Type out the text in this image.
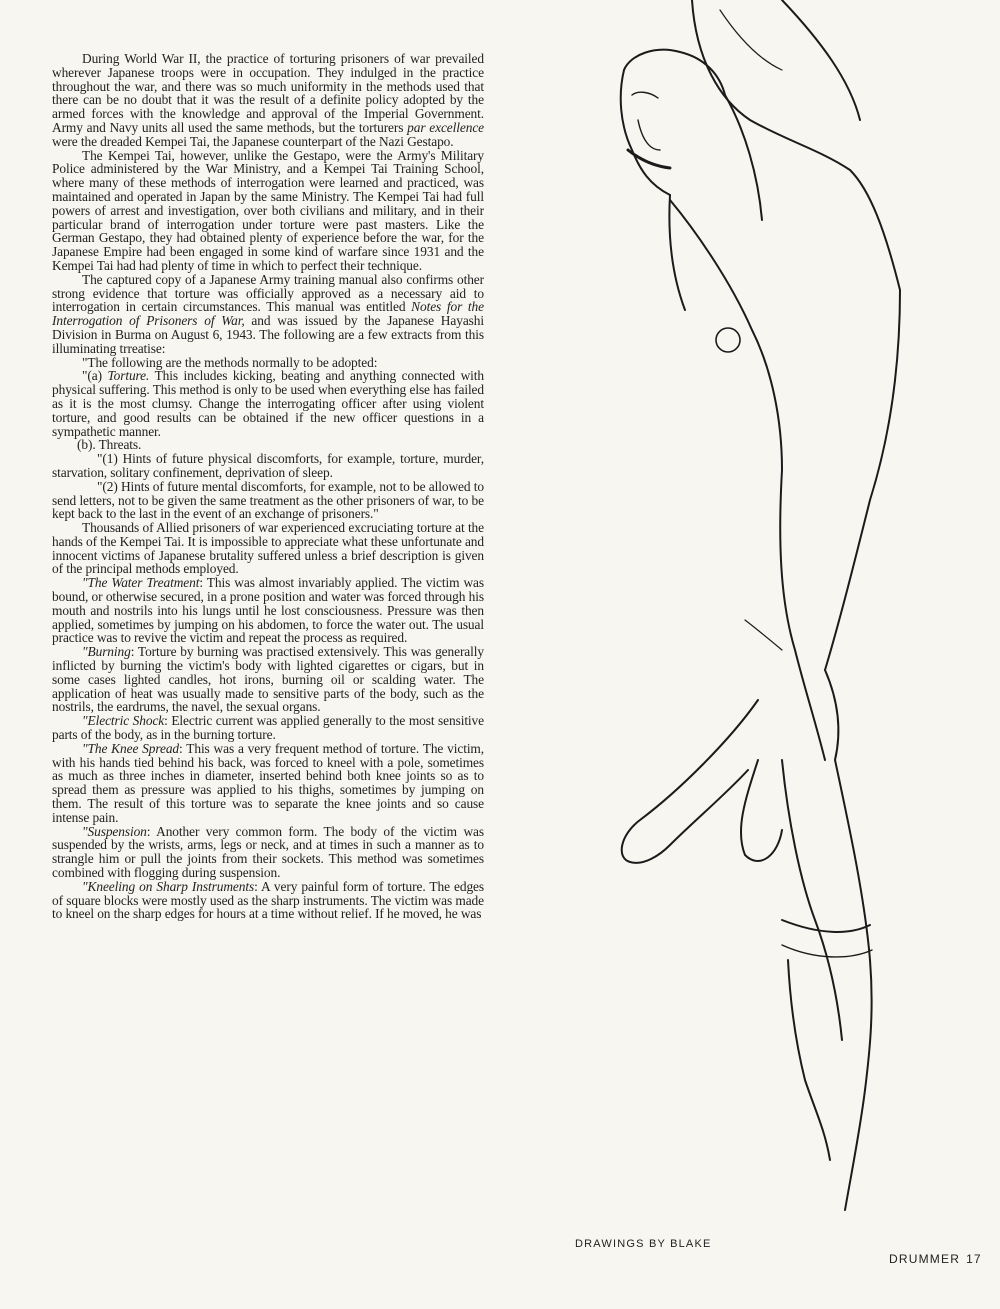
During World War II, the practice of torturing prisoners of war prevailed wherever Japanese troops were in occupation. They indulged in the practice throughout the war, and there was so much uniformity in the methods used that there can be no doubt that it was the result of a definite policy adopted by the armed forces with the knowledge and approval of the Imperial Government. Army and Navy units all used the same methods, but the torturers par excellence were the dreaded Kempei Tai, the Japanese counterpart of the Nazi Gestapo.

The Kempei Tai, however, unlike the Gestapo, were the Army's Military Police administered by the War Ministry, and a Kempei Tai Training School, where many of these methods of interrogation were learned and practiced, was maintained and operated in Japan by the same Ministry. The Kempei Tai had full powers of arrest and investigation, over both civilians and military, and in their particular brand of interrogation under torture were past masters. Like the German Gestapo, they had obtained plenty of experience before the war, for the Japanese Empire had been engaged in some kind of warfare since 1931 and the Kempei Tai had had plenty of time in which to perfect their technique.

The captured copy of a Japanese Army training manual also confirms other strong evidence that torture was officially approved as a necessary aid to interrogation in certain circumstances. This manual was entitled Notes for the Interrogation of Prisoners of War, and was issued by the Japanese Hayashi Division in Burma on August 6, 1943. The following are a few extracts from this illuminating trreatise:

"The following are the methods normally to be adopted:

"(a) Torture. This includes kicking, beating and anything connected with physical suffering. This method is only to be used when everything else has failed as it is the most clumsy. Change the interrogating officer after using violent torture, and good results can be obtained if the new officer questions in a sympathetic manner.

(b). Threats.

"(1) Hints of future physical discomforts, for example, torture, murder, starvation, solitary confinement, deprivation of sleep.

"(2) Hints of future mental discomforts, for example, not to be allowed to send letters, not to be given the same treatment as the other prisoners of war, to be kept back to the last in the event of an exchange of prisoners."

Thousands of Allied prisoners of war experienced excruciating torture at the hands of the Kempei Tai. It is impossible to appreciate what these unfortunate and innocent victims of Japanese brutality suffered unless a brief description is given of the principal methods employed.

"The Water Treatment: This was almost invariably applied. The victim was bound, or otherwise secured, in a prone position and water was forced through his mouth and nostrils into his lungs until he lost consciousness. Pressure was then applied, sometimes by jumping on his abdomen, to force the water out. The usual practice was to revive the victim and repeat the process as required.

"Burning: Torture by burning was practised extensively. This was generally inflicted by burning the victim's body with lighted cigarettes or cigars, but in some cases lighted candles, hot irons, burning oil or scalding water. The application of heat was usually made to sensitive parts of the body, such as the nostrils, the eardrums, the navel, the sexual organs.

"Electric Shock: Electric current was applied generally to the most sensitive parts of the body, as in the burning torture.

"The Knee Spread: This was a very frequent method of torture. The victim, with his hands tied behind his back, was forced to kneel with a pole, sometimes as much as three inches in diameter, inserted behind both knee joints so as to spread them as pressure was applied to his thighs, sometimes by jumping on them. The result of this torture was to separate the knee joints and so cause intense pain.

"Suspension: Another very common form. The body of the victim was suspended by the wrists, arms, legs or neck, and at times in such a manner as to strangle him or pull the joints from their sockets. This method was sometimes combined with flogging during suspension.

"Kneeling on Sharp Instruments: A very painful form of torture. The edges of square blocks were mostly used as the sharp instruments. The victim was made to kneel on the sharp edges for hours at a time without relief. If he moved, he was

DRAWINGS BY BLAKE
DRUMMER 17
